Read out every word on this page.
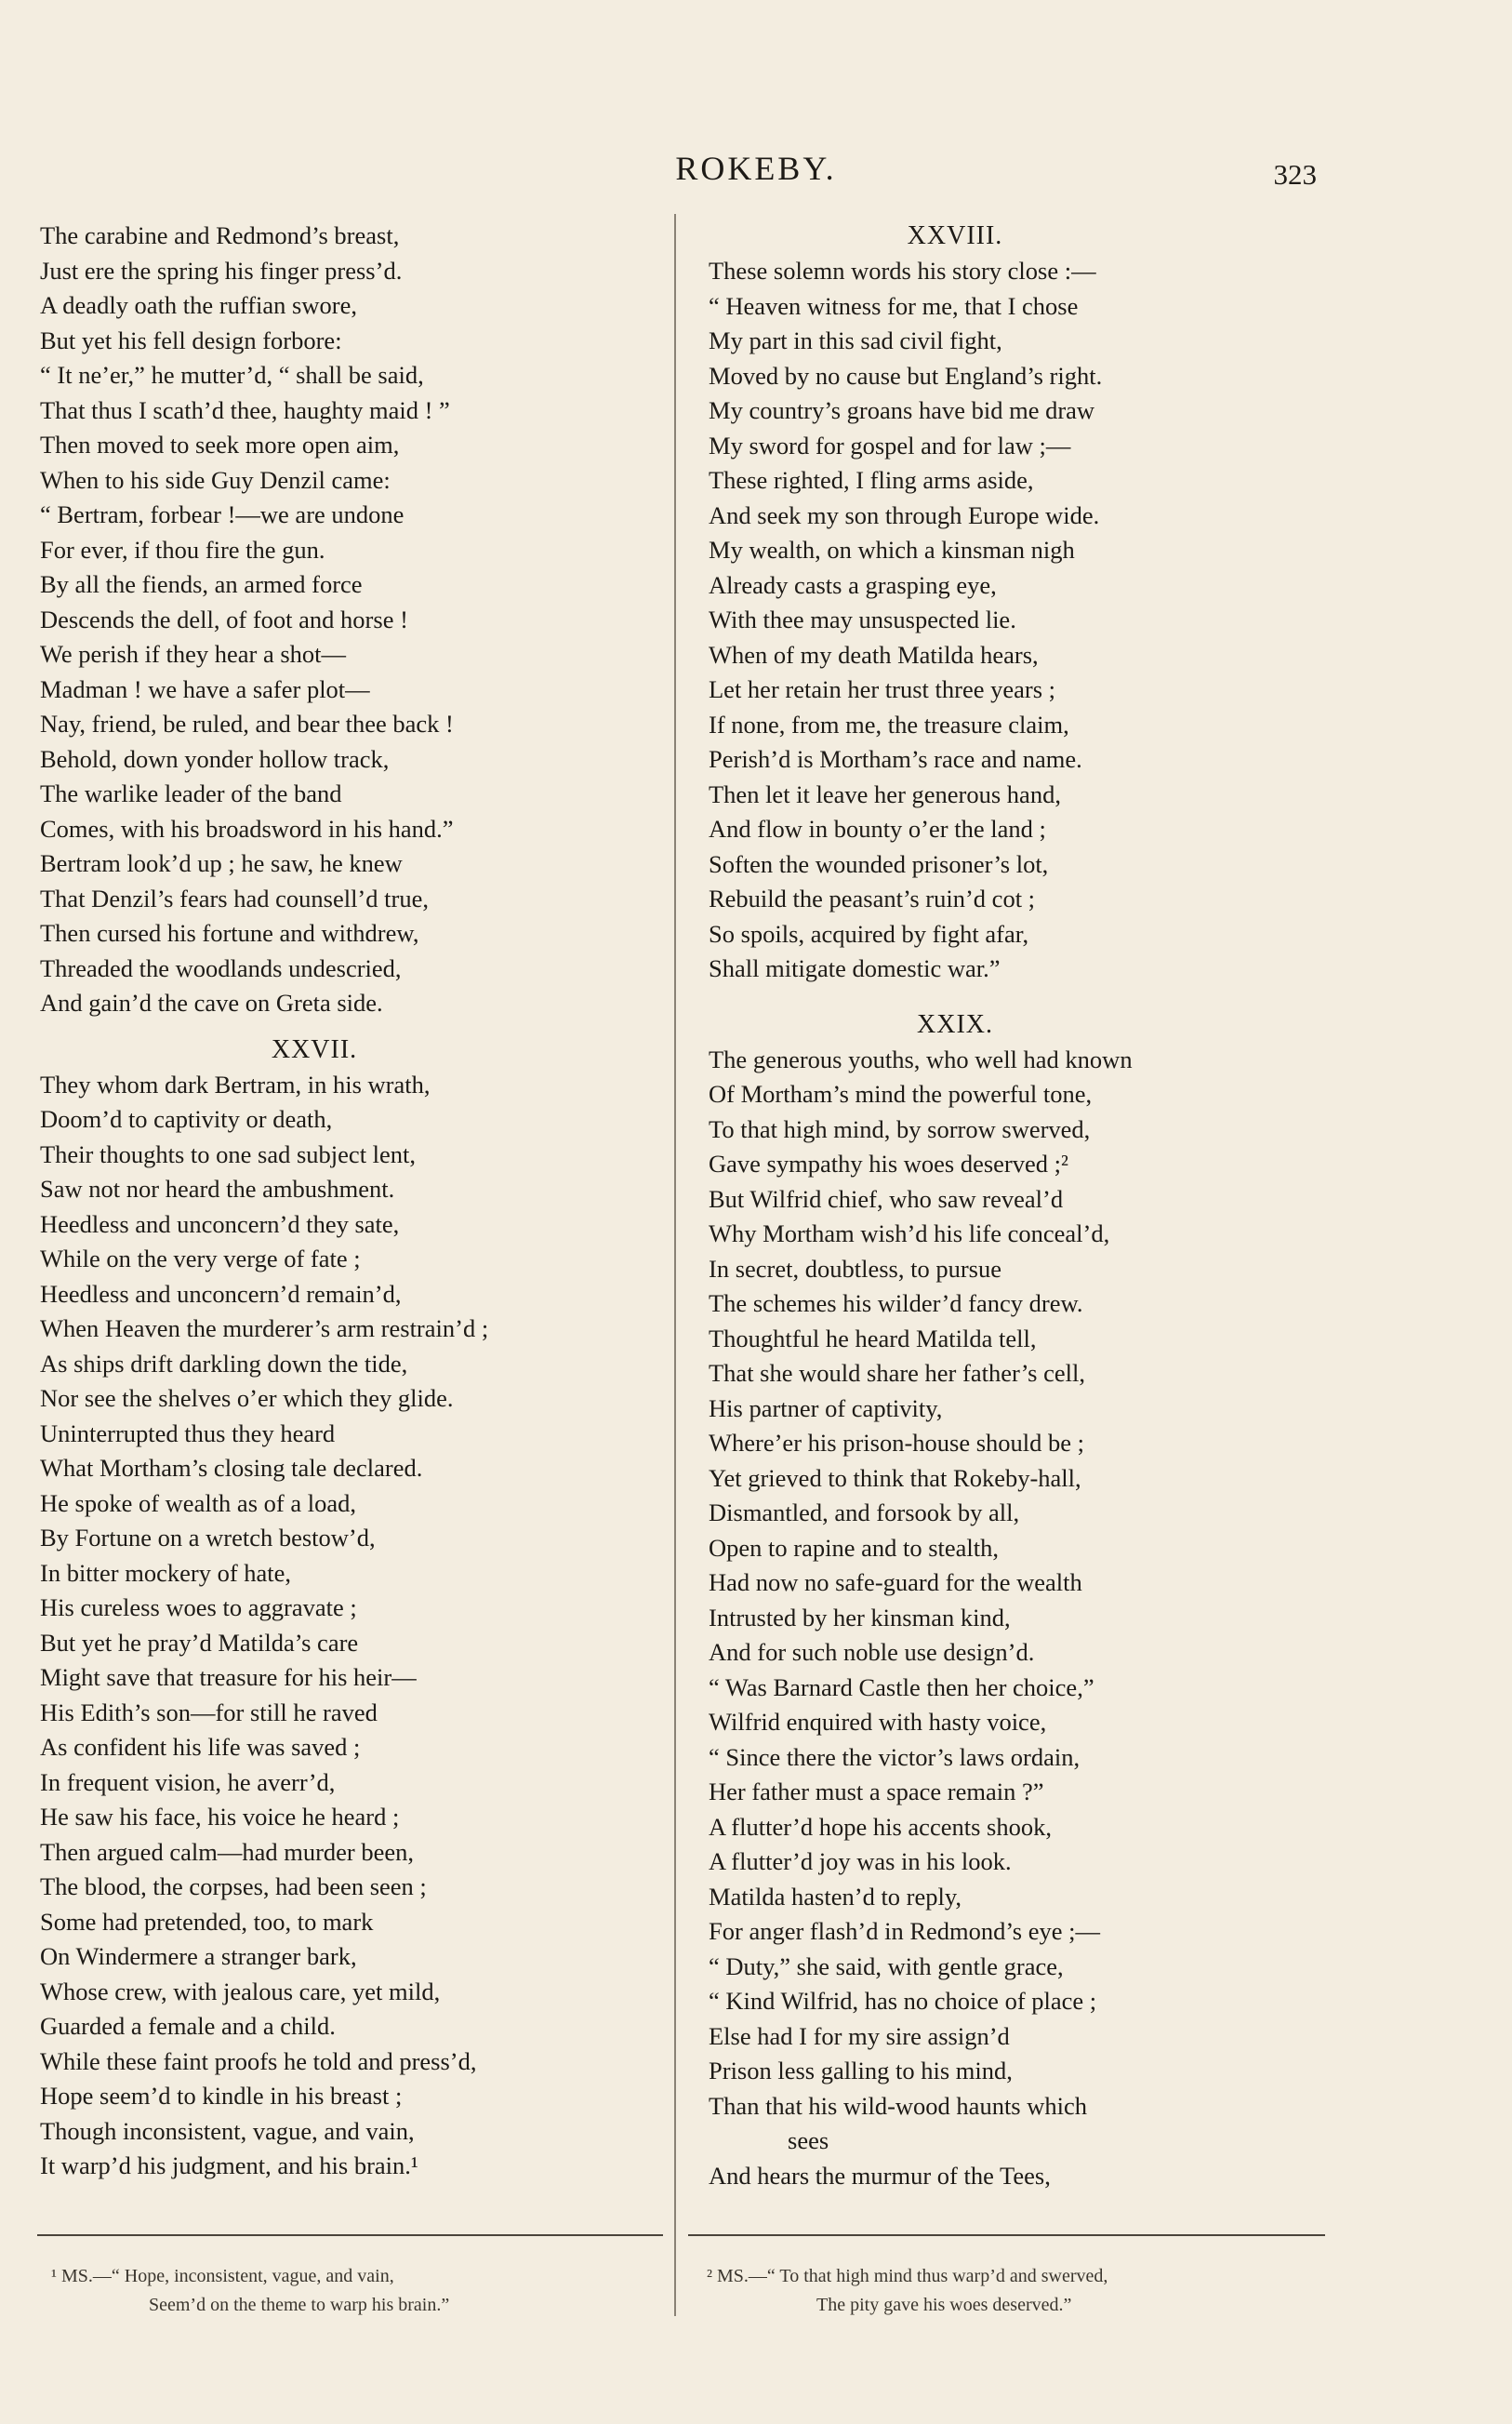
ROKEBY.	323
The carabine and Redmond’s breast,
Just ere the spring his finger press’d.
A deadly oath the ruffian swore,
But yet his fell design forbore:
“ It ne’er,” he mutter’d, “ shall be said,
That thus I scath’d thee, haughty maid ! ”
Then moved to seek more open aim,
When to his side Guy Denzil came:
“ Bertram, forbear !—we are undone
For ever, if thou fire the gun.
By all the fiends, an armed force
Descends the dell, of foot and horse !
We perish if they hear a shot—
Madman ! we have a safer plot—
Nay, friend, be ruled, and bear thee back !
Behold, down yonder hollow track,
The warlike leader of the band
Comes, with his broadsword in his hand.”
Bertram look’d up ; he saw, he knew
That Denzil’s fears had counsell’d true,
Then cursed his fortune and withdrew,
Threaded the woodlands undescried,
And gain’d the cave on Greta side.
XXVII.
They whom dark Bertram, in his wrath,
Doom’d to captivity or death,
Their thoughts to one sad subject lent,
Saw not nor heard the ambushment.
Heedless and unconcern’d they sate,
While on the very verge of fate ;
Heedless and unconcern’d remain’d,
When Heaven the murderer’s arm restrain’d ;
As ships drift darkling down the tide,
Nor see the shelves o’er which they glide.
Uninterrupted thus they heard
What Mortham’s closing tale declared.
He spoke of wealth as of a load,
By Fortune on a wretch bestow’d,
In bitter mockery of hate,
His cureless woes to aggravate ;
But yet he pray’d Matilda’s care
Might save that treasure for his heir—
His Edith’s son—for still he raved
As confident his life was saved ;
In frequent vision, he averr’d,
He saw his face, his voice he heard ;
Then argued calm—had murder been,
The blood, the corpses, had been seen ;
Some had pretended, too, to mark
On Windermere a stranger bark,
Whose crew, with jealous care, yet mild,
Guarded a female and a child.
While these faint proofs he told and press’d,
Hope seem’d to kindle in his breast ;
Though inconsistent, vague, and vain,
It warp’d his judgment, and his brain.¹
XXVIII.
These solemn words his story close :—
“ Heaven witness for me, that I chose
My part in this sad civil fight,
Moved by no cause but England’s right.
My country’s groans have bid me draw
My sword for gospel and for law ;—
These righted, I fling arms aside,
And seek my son through Europe wide.
My wealth, on which a kinsman nigh
Already casts a grasping eye,
With thee may unsuspected lie.
When of my death Matilda hears,
Let her retain her trust three years ;
If none, from me, the treasure claim,
Perish’d is Mortham’s race and name.
Then let it leave her generous hand,
And flow in bounty o’er the land ;
Soften the wounded prisoner’s lot,
Rebuild the peasant’s ruin’d cot ;
So spoils, acquired by fight afar,
Shall mitigate domestic war.”
XXIX.
The generous youths, who well had known
Of Mortham’s mind the powerful tone,
To that high mind, by sorrow swerved,
Gave sympathy his woes deserved ;²
But Wilfrid chief, who saw reveal’d
Why Mortham wish’d his life conceal’d,
In secret, doubtless, to pursue
The schemes his wilder’d fancy drew.
Thoughtful he heard Matilda tell,
That she would share her father’s cell,
His partner of captivity,
Where’er his prison-house should be ;
Yet grieved to think that Rokeby-hall,
Dismantled, and forsook by all,
Open to rapine and to stealth,
Had now no safe-guard for the wealth
Intrusted by her kinsman kind,
And for such noble use design’d.
“ Was Barnard Castle then her choice,”
Wilfrid enquired with hasty voice,
“ Since there the victor’s laws ordain,
Her father must a space remain ?”
A flutter’d hope his accents shook,
A flutter’d joy was in his look.
Matilda hasten’d to reply,
For anger flash’d in Redmond’s eye ;—
“ Duty,” she said, with gentle grace,
“ Kind Wilfrid, has no choice of place ;
Else had I for my sire assign’d
Prison less galling to his mind,
Than that his wild-wood haunts which
sees
And hears the murmur of the Tees,
¹ MS.—“ Hope, inconsistent, vague, and vain,
Seem’d on the theme to warp his brain.”
² MS.—“ To that high mind thus warp’d and swerved,
The pity gave his woes deserved.”
